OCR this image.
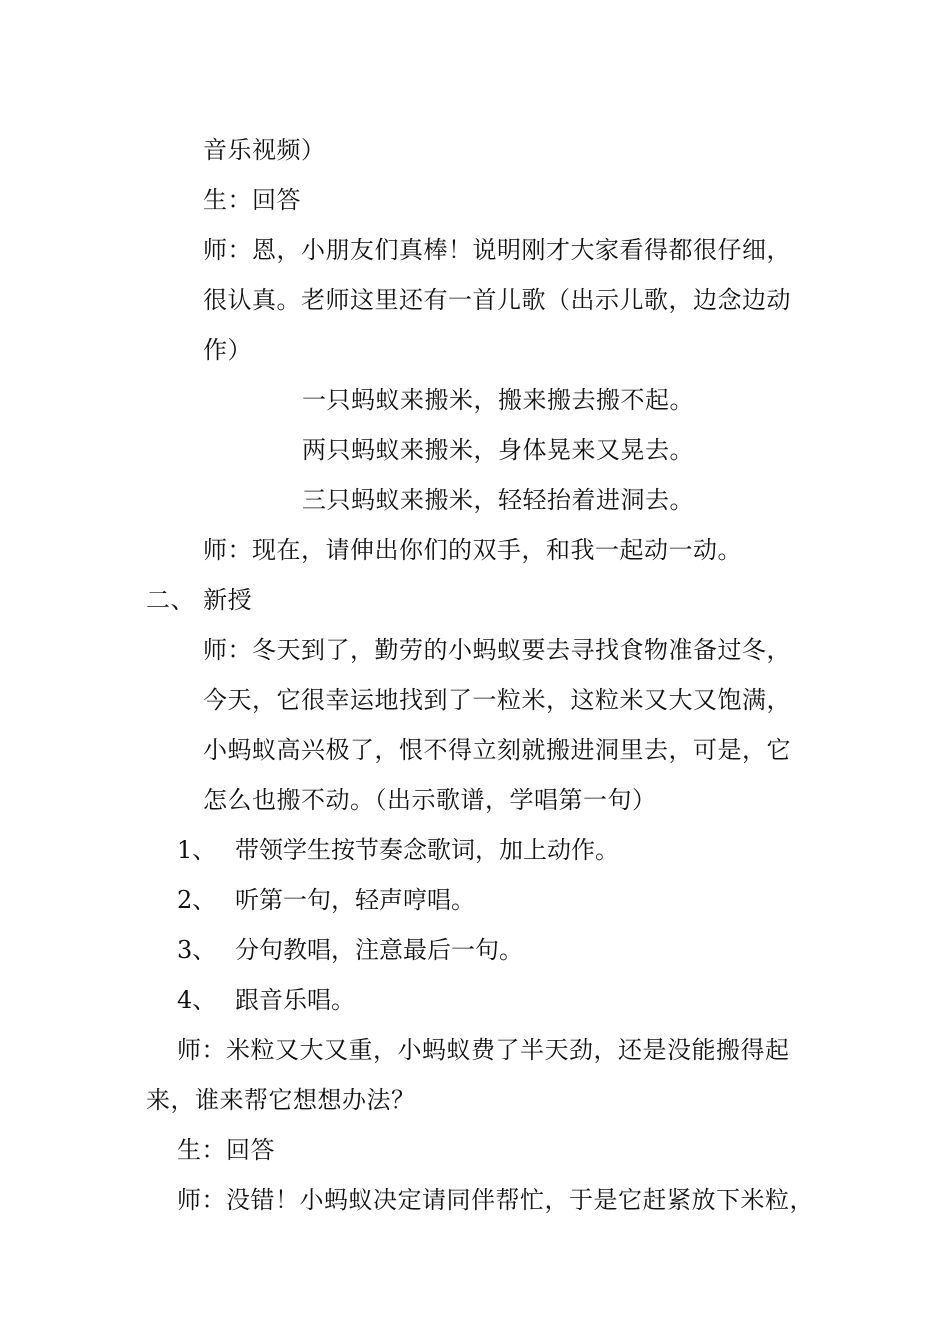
音乐视频）
生：回答
师：恩，小朋友们真棒！说明刚才大家看得都很仔细，
很认真。老师这里还有一首儿歌（出示儿歌，边念边动
作）
一只蚂蚁来搬米，搬来搬去搬不起。
两只蚂蚁来搬米，身体晃来又晃去。
三只蚂蚁来搬米，轻轻抬着进洞去。
师：现在，请伸出你们的双手，和我一起动一动。
二、 新授
师：冬天到了，勤劳的小蚂蚁要去寻找食物准备过冬，
今天，它很幸运地找到了一粒米，这粒米又大又饱满，
小蚂蚁高兴极了，恨不得立刻就搬进洞里去，可是，它
怎么也搬不动。（出示歌谱，学唱第一句）
1、 带领学生按节奏念歌词，加上动作。
2、 听第一句，轻声哼唱。
3、 分句教唱，注意最后一句。
4、 跟音乐唱。
师：米粒又大又重，小蚂蚁费了半天劲，还是没能搬得起
来，谁来帮它想想办法？
生：回答
师：没错！小蚂蚁决定请同伴帮忙，于是它赶紧放下米粒，
